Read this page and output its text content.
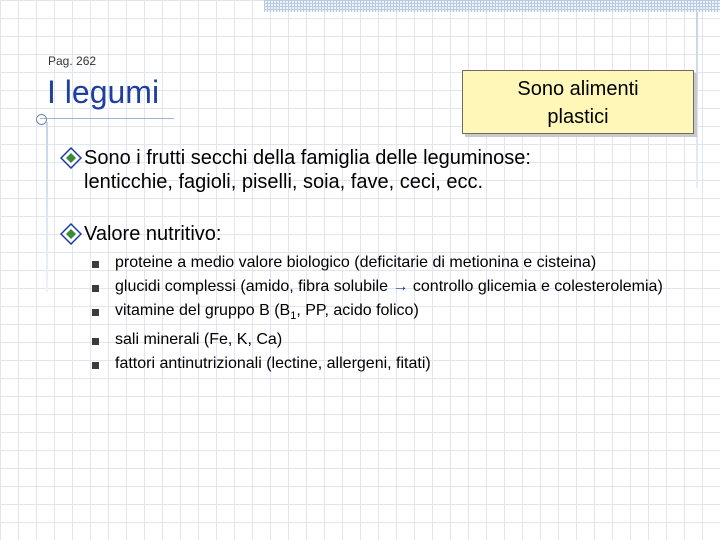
Pag. 262
I legumi	Sono alimenti
plastici
Sono i frutti secchi della famiglia delle leguminose:
lenticchie, fagioli, piselli, soia, fave, ceci, ecc.
Valore nutritivo:
proteine a medio valore biologico (deficitarie di metionina e cisteina)
glucidi complessi (amido, fibra solubile → controllo glicemia e colesterolemia)
vitamine del gruppo B ($B_1$, PP, acido folico)
sali minerali (Fe, K, Ca)
fattori antinutrizionali (lectine, allergeni, fitati)
